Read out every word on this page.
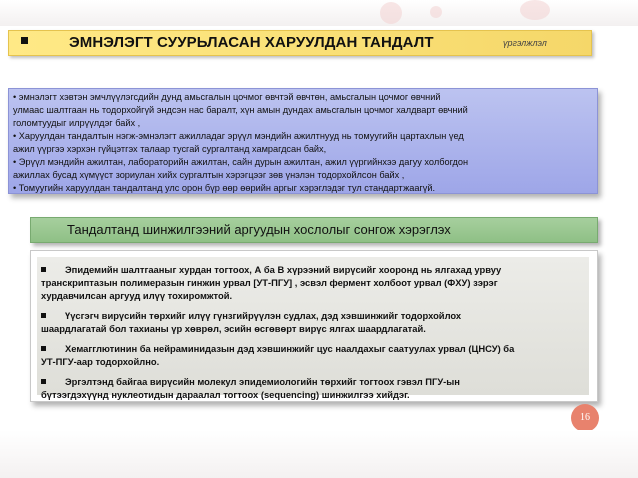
ЭМНЭЛЭГТ СУУРЬЛАСАН ХАРУУЛДАН ТАНДАЛТ	үргэлжлэл
• эмнэлэгт хэвтэн эмчлүүлэгсдийн дунд амьсгалын цочмог өвчтэй өвчтөн, амьсгалын цочмог өвчний
улмаас шалтгаан нь тодорхойгүй эндсэн нас баралт, хүн амын дундах амьсгалын цочмог халдварт өвчний
голомтуудыг илрүүлдэг байх ,
• Харуулдан тандалтын нэгж-эмнэлэгт ажилладаг эрүүл мэндийн ажилтнууд нь томуугийн цартахлын үед
ажил үүргээ хэрхэн гүйцэтгэх талаар тусгай сургалтанд хамрагдсан байх,
• Эрүүл мэндийн ажилтан, лабораторийн ажилтан, сайн дурын ажилтан, ажил үүргийнхээ дагуу холбогдон
ажиллах бусад хүмүүст зориулан хийх сургалтын хэрэгцээг зөв үнэлэн тодорхойлсон байх ,
• Томуугийн харуулдан тандалтанд улс орон бүр өөр өөрийн аргыг хэрэглэдэг тул стандартжаагүй.
Тандалтанд шинжилгээний аргуудын хослолыг сонгож хэрэглэх
Эпидемийн шалтгааныг хурдан тогтоох, А ба В хүрээний вирүсийг хооронд нь ялгахад урвуу
транскриптазын полимеразын гинжин урвал [УТ-ПГУ] , эсвэл фермент холбоот урвал (ФХУ) зэрэг
хурдавчилсан аргууд илүү тохиромжтой.
Үүсгэгч вирүсийн төрхийг илүү гүнзгийрүүлэн судлах, дэд хэвшинжийг тодорхойлох
шаардлагатай бол тахианы үр хөврөл, эсийн өсгөвөрт вирүс ялгах шаардлагатай.
Хемагглютинин ба нейраминидазын дэд хэвшинжийг цус наалдахыг саатуулах урвал (ЦНСУ) ба
УТ-ПГУ-аар тодорхойлно.
Эргэлтэнд байгаа вирүсийн молекул эпидемиологийн төрхийг тогтоох гэвэл ПГУ-ын
бүтээгдэхүүнд нуклеотидын дараалал тогтоох (sequencing) шинжилгээ хийдэг.
16
